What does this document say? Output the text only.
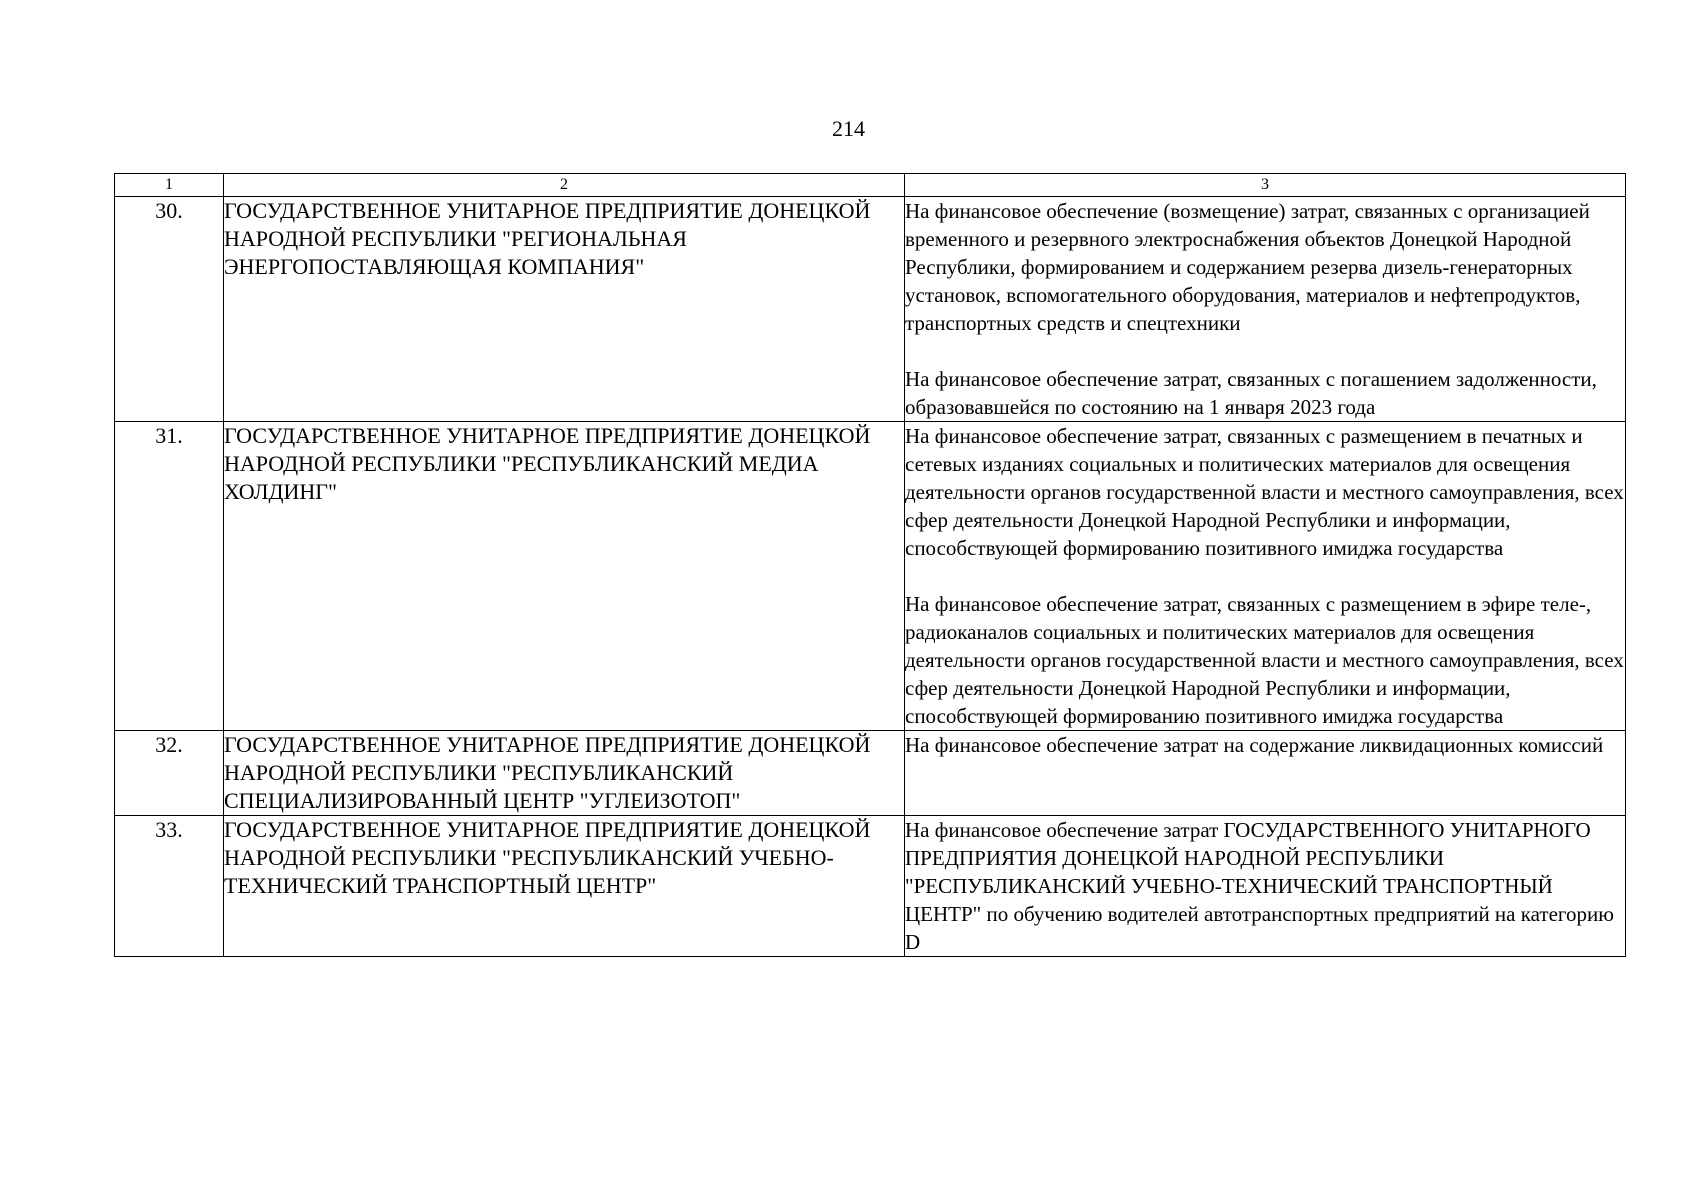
214
1	2	3
30.	ГОСУДАРСТВЕННОЕ УНИТАРНОЕ ПРЕДПРИЯТИЕ ДОНЕЦКОЙ НАРОДНОЙ РЕСПУБЛИКИ "РЕГИОНАЛЬНАЯ ЭНЕРГОПОСТАВЛЯЮЩАЯ КОМПАНИЯ"	На финансовое обеспечение (возмещение) затрат, связанных с организацией временного и резервного электроснабжения объектов Донецкой Народной Республики, формированием и содержанием резерва дизель-генераторных установок, вспомогательного оборудования, материалов и нефтепродуктов, транспортных средств и спецтехники

На финансовое обеспечение затрат, связанных с погашением задолженности, образовавшейся по состоянию на 1 января 2023 года

31.	ГОСУДАРСТВЕННОЕ УНИТАРНОЕ ПРЕДПРИЯТИЕ ДОНЕЦКОЙ НАРОДНОЙ РЕСПУБЛИКИ "РЕСПУБЛИКАНСКИЙ МЕДИА ХОЛДИНГ"	На финансовое обеспечение затрат, связанных с размещением в печатных и сетевых изданиях социальных и политических материалов для освещения деятельности органов государственной власти и местного самоуправления, всех сфер деятельности Донецкой Народной Республики и информации, способствующей формированию позитивного имиджа государства

На финансовое обеспечение затрат, связанных с размещением в эфире теле-, радиоканалов социальных и политических материалов для освещения деятельности органов государственной власти и местного самоуправления, всех сфер деятельности Донецкой Народной Республики и информации, способствующей формированию позитивного имиджа государства

32.	ГОСУДАРСТВЕННОЕ УНИТАРНОЕ ПРЕДПРИЯТИЕ ДОНЕЦКОЙ НАРОДНОЙ РЕСПУБЛИКИ "РЕСПУБЛИКАНСКИЙ СПЕЦИАЛИЗИРОВАННЫЙ ЦЕНТР "УГЛЕИЗОТОП"	На финансовое обеспечение затрат на содержание ликвидационных комиссий

33.	ГОСУДАРСТВЕННОЕ УНИТАРНОЕ ПРЕДПРИЯТИЕ ДОНЕЦКОЙ НАРОДНОЙ РЕСПУБЛИКИ "РЕСПУБЛИКАНСКИЙ УЧЕБНО-ТЕХНИЧЕСКИЙ ТРАНСПОРТНЫЙ ЦЕНТР"	На финансовое обеспечение затрат ГОСУДАРСТВЕННОГО УНИТАРНОГО ПРЕДПРИЯТИЯ ДОНЕЦКОЙ НАРОДНОЙ РЕСПУБЛИКИ "РЕСПУБЛИКАНСКИЙ УЧЕБНО-ТЕХНИЧЕСКИЙ ТРАНСПОРТНЫЙ ЦЕНТР" по обучению водителей автотранспортных предприятий на категорию D
